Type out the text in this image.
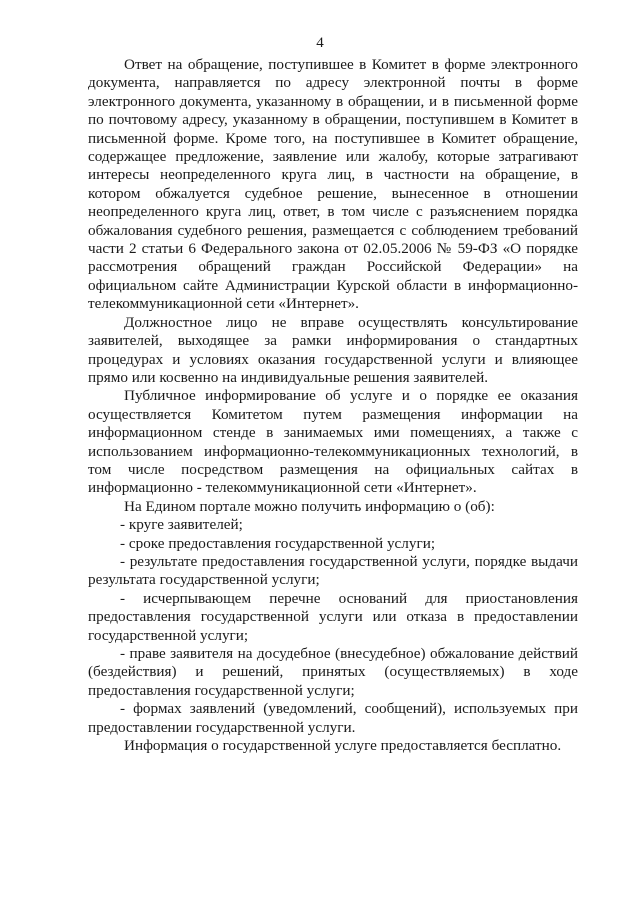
4

Ответ на обращение, поступившее в Комитет в форме электронного документа, направляется по адресу электронной почты в форме электронного документа, указанному в обращении, и в письменной форме по почтовому адресу, указанному в обращении, поступившем в Комитет в письменной форме. Кроме того, на поступившее в Комитет обращение, содержащее предложение, заявление или жалобу, которые затрагивают интересы неопределенного круга лиц, в частности на обращение, в котором обжалуется судебное решение, вынесенное в отношении неопределенного круга лиц, ответ, в том числе с разъяснением порядка обжалования судебного решения, размещается с соблюдением требований части 2 статьи 6 Федерального закона от 02.05.2006 № 59-ФЗ «О порядке рассмотрения обращений граждан Российской Федерации» на официальном сайте Администрации Курской области в информационно-телекоммуникационной сети «Интернет».

Должностное лицо не вправе осуществлять консультирование заявителей, выходящее за рамки информирования о стандартных процедурах и условиях оказания государственной услуги и влияющее прямо или косвенно на индивидуальные решения заявителей.

Публичное информирование об услуге и о порядке ее оказания осуществляется Комитетом путем размещения информации на информационном стенде в занимаемых ими помещениях, а также с использованием информационно-телекоммуникационных технологий, в том числе посредством размещения на официальных сайтах в информационно - телекоммуникационной сети «Интернет».

На Едином портале можно получить информацию о (об):

- круге заявителей;

- сроке предоставления государственной услуги;

- результате предоставления государственной услуги, порядке выдачи результата государственной услуги;

- исчерпывающем перечне оснований для приостановления предоставления государственной услуги или отказа в предоставлении государственной услуги;

- праве заявителя на досудебное (внесудебное) обжалование действий (бездействия) и решений, принятых (осуществляемых) в ходе предоставления государственной услуги;

- формах заявлений (уведомлений, сообщений), используемых при предоставлении государственной услуги.

Информация о государственной услуге предоставляется бесплатно.
